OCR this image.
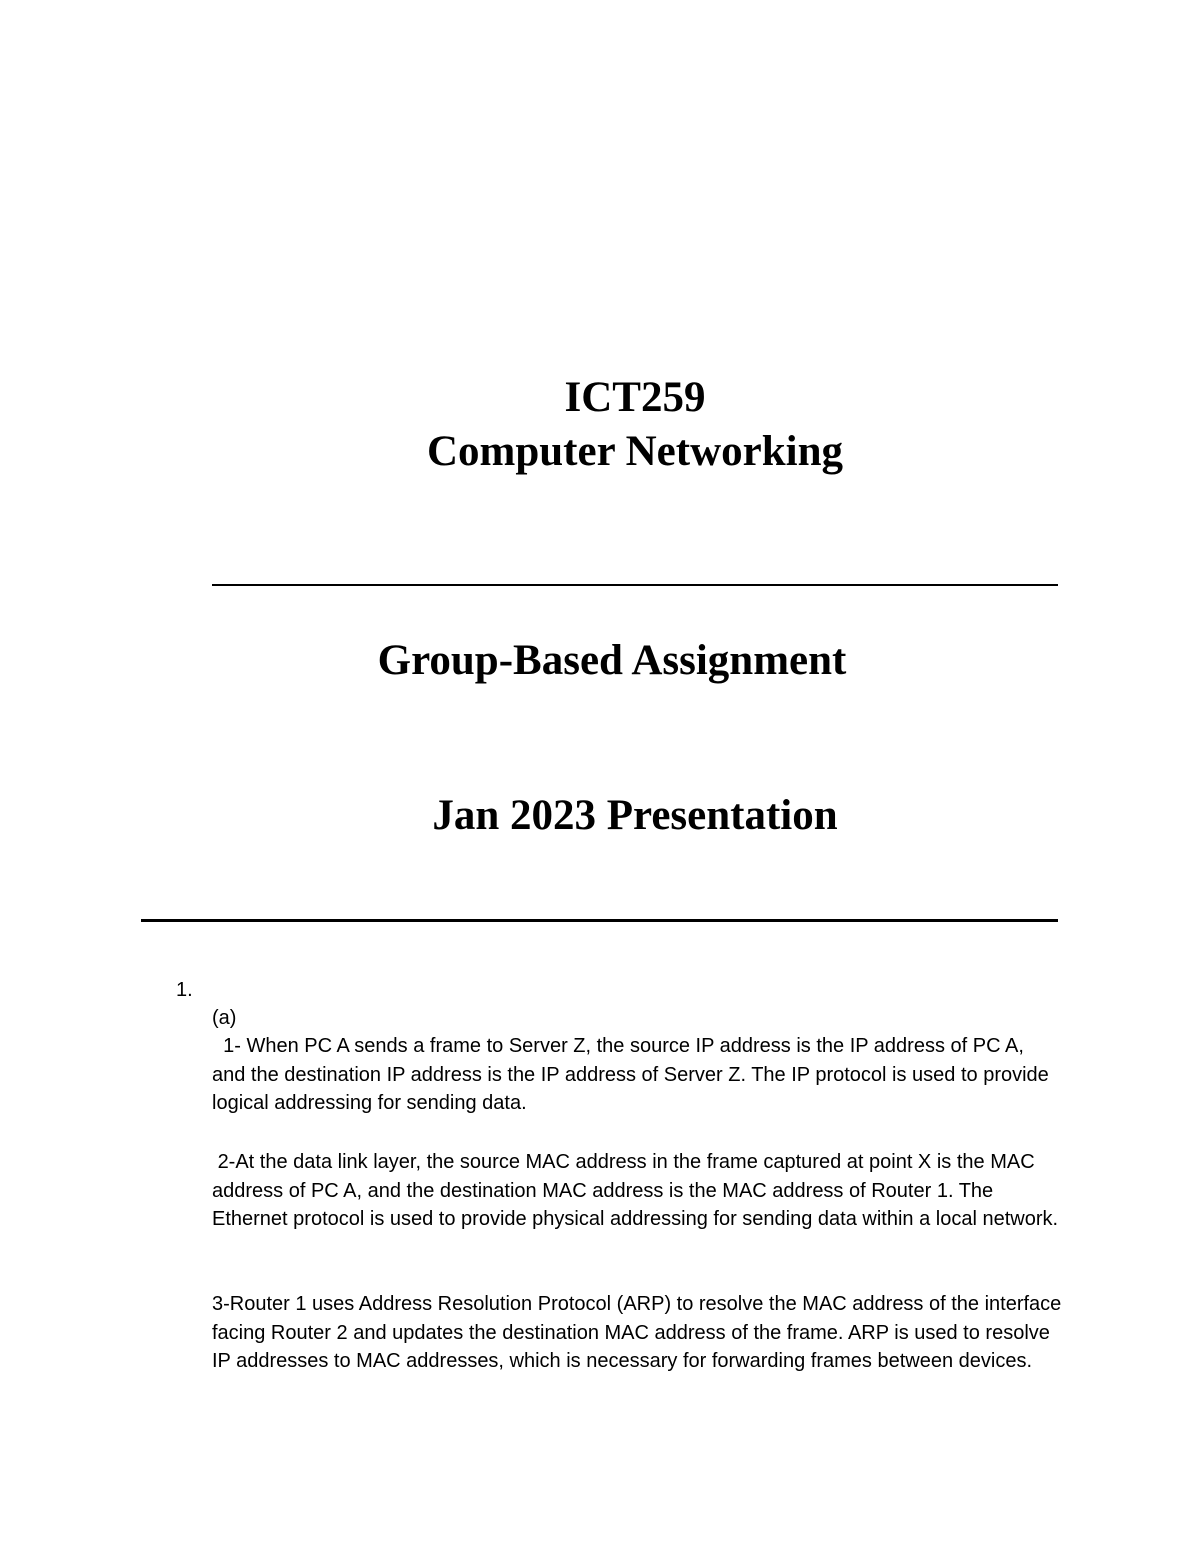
ICT259
Computer Networking
Group-Based Assignment
Jan 2023 Presentation
1.
(a)

1- When PC A sends a frame to Server Z, the source IP address is the IP address of PC A, and the destination IP address is the IP address of Server Z. The IP protocol is used to provide logical addressing for sending data.

2-At the data link layer, the source MAC address in the frame captured at point X is the MAC address of PC A, and the destination MAC address is the MAC address of Router 1. The Ethernet protocol is used to provide physical addressing for sending data within a local network.

3-Router 1 uses Address Resolution Protocol (ARP) to resolve the MAC address of the interface facing Router 2 and updates the destination MAC address of the frame. ARP is used to resolve IP addresses to MAC addresses, which is necessary for forwarding frames between devices.
